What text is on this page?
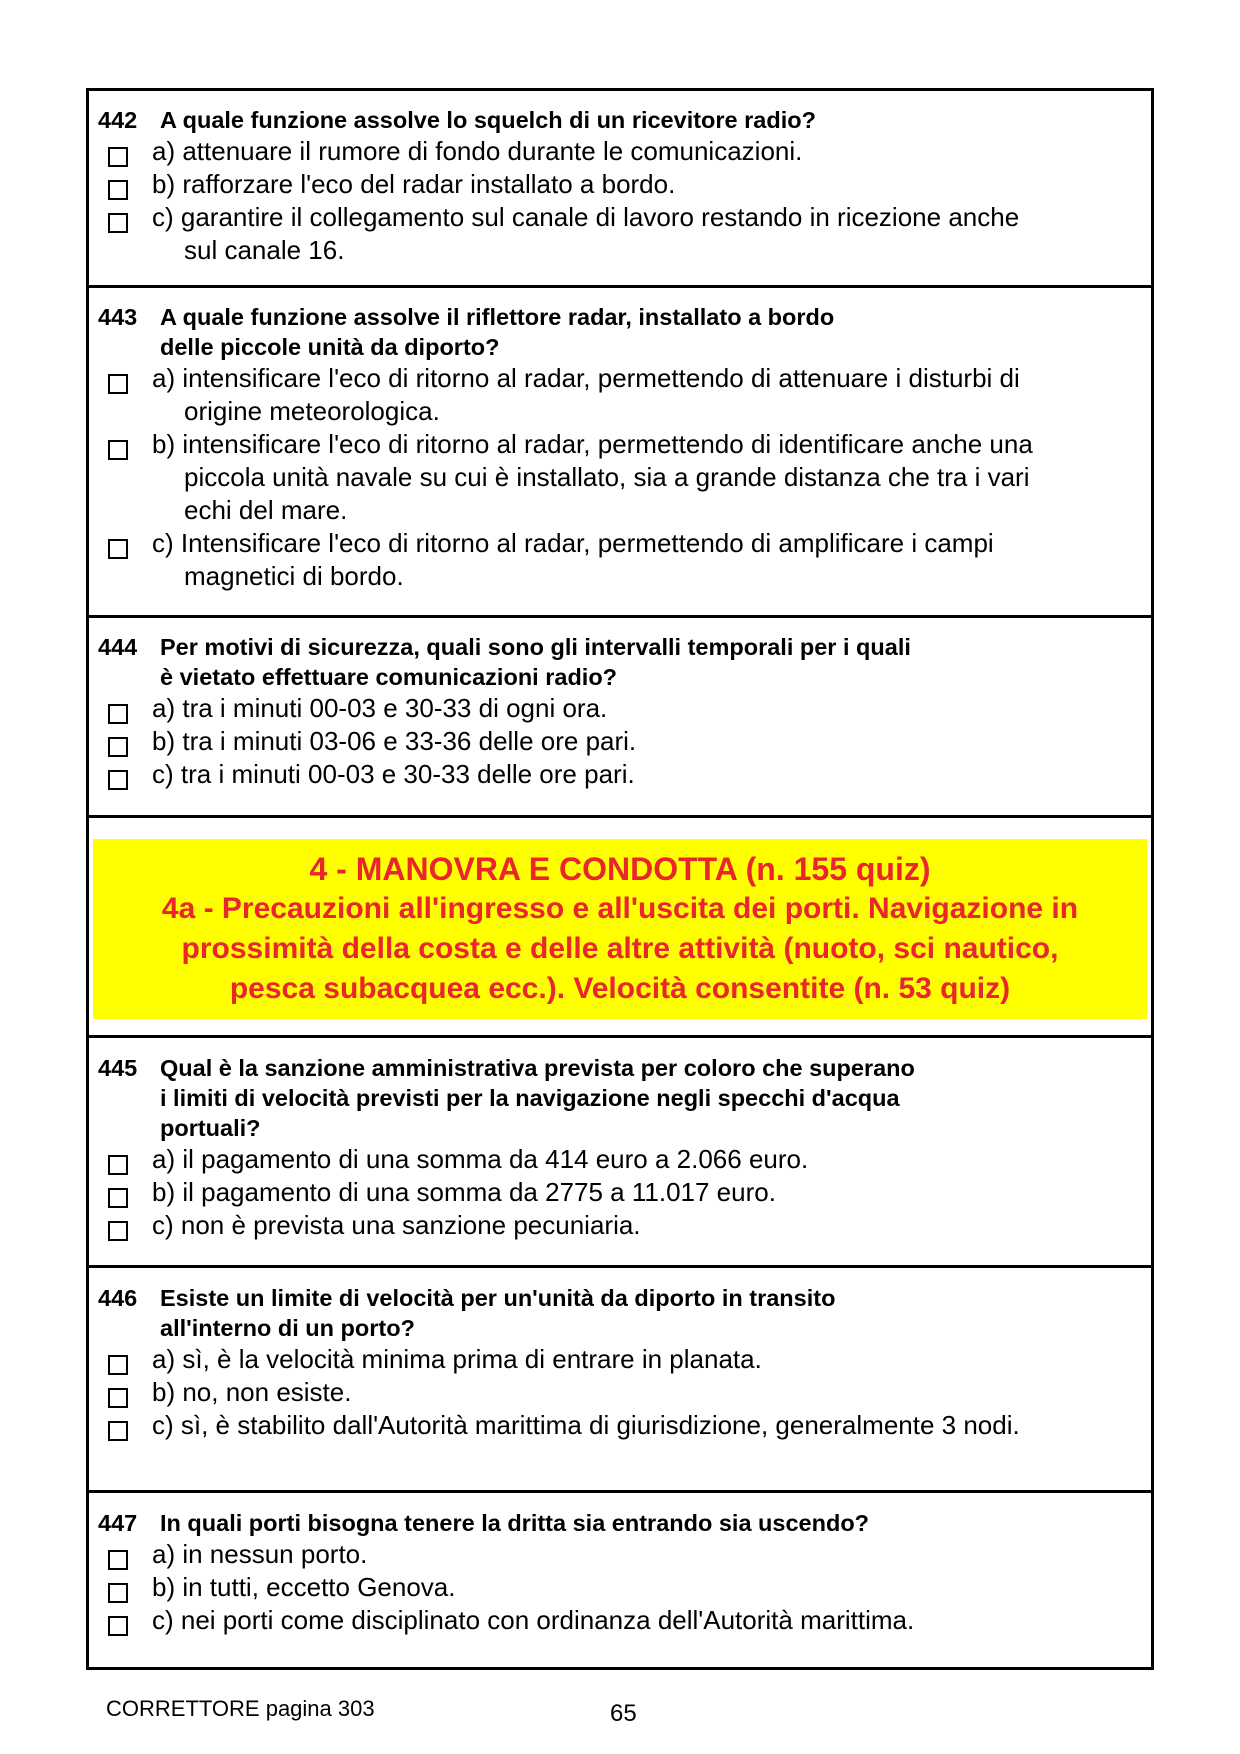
442 A quale funzione assolve lo squelch di un ricevitore radio?
a) attenuare il rumore di fondo durante le comunicazioni.
b) rafforzare l'eco del radar installato a bordo.
c) garantire il collegamento sul canale di lavoro restando in ricezione anche
sul canale 16.
443 A quale funzione assolve il riflettore radar, installato a bordo
delle piccole unità da diporto?
a) intensificare l'eco di ritorno al radar, permettendo di attenuare i disturbi di
origine meteorologica.
b) intensificare l'eco di ritorno al radar, permettendo di identificare anche una
piccola unità navale su cui è installato, sia a grande distanza che tra i vari
echi del mare.
c) Intensificare l'eco di ritorno al radar, permettendo di amplificare i campi
magnetici di bordo.
444 Per motivi di sicurezza, quali sono gli intervalli temporali per i quali
è vietato effettuare comunicazioni radio?
a) tra i minuti 00-03 e 30-33 di ogni ora.
b) tra i minuti 03-06 e 33-36 delle ore pari.
c) tra i minuti 00-03 e 30-33 delle ore pari.
4 - MANOVRA E CONDOTTA (n. 155 quiz)
4a - Precauzioni all'ingresso e all'uscita dei porti. Navigazione in
prossimità della costa e delle altre attività (nuoto, sci nautico,
pesca subacquea ecc.). Velocità consentite (n. 53 quiz)
445 Qual è la sanzione amministrativa prevista per coloro che superano
i limiti di velocità previsti per la navigazione negli specchi d'acqua
portuali?
a) il pagamento di una somma da 414 euro a 2.066 euro.
b) il pagamento di una somma da 2775 a 11.017 euro.
c) non è prevista una sanzione pecuniaria.
446 Esiste un limite di velocità per un'unità da diporto in transito
all'interno di un porto?
a) sì, è la velocità minima prima di entrare in planata.
b) no, non esiste.
c) sì, è stabilito dall'Autorità marittima di giurisdizione, generalmente 3 nodi.
447 In quali porti bisogna tenere la dritta sia entrando sia uscendo?
a) in nessun porto.
b) in tutti, eccetto Genova.
c) nei porti come disciplinato con ordinanza dell'Autorità marittima.
CORRETTORE pagina 303	65
